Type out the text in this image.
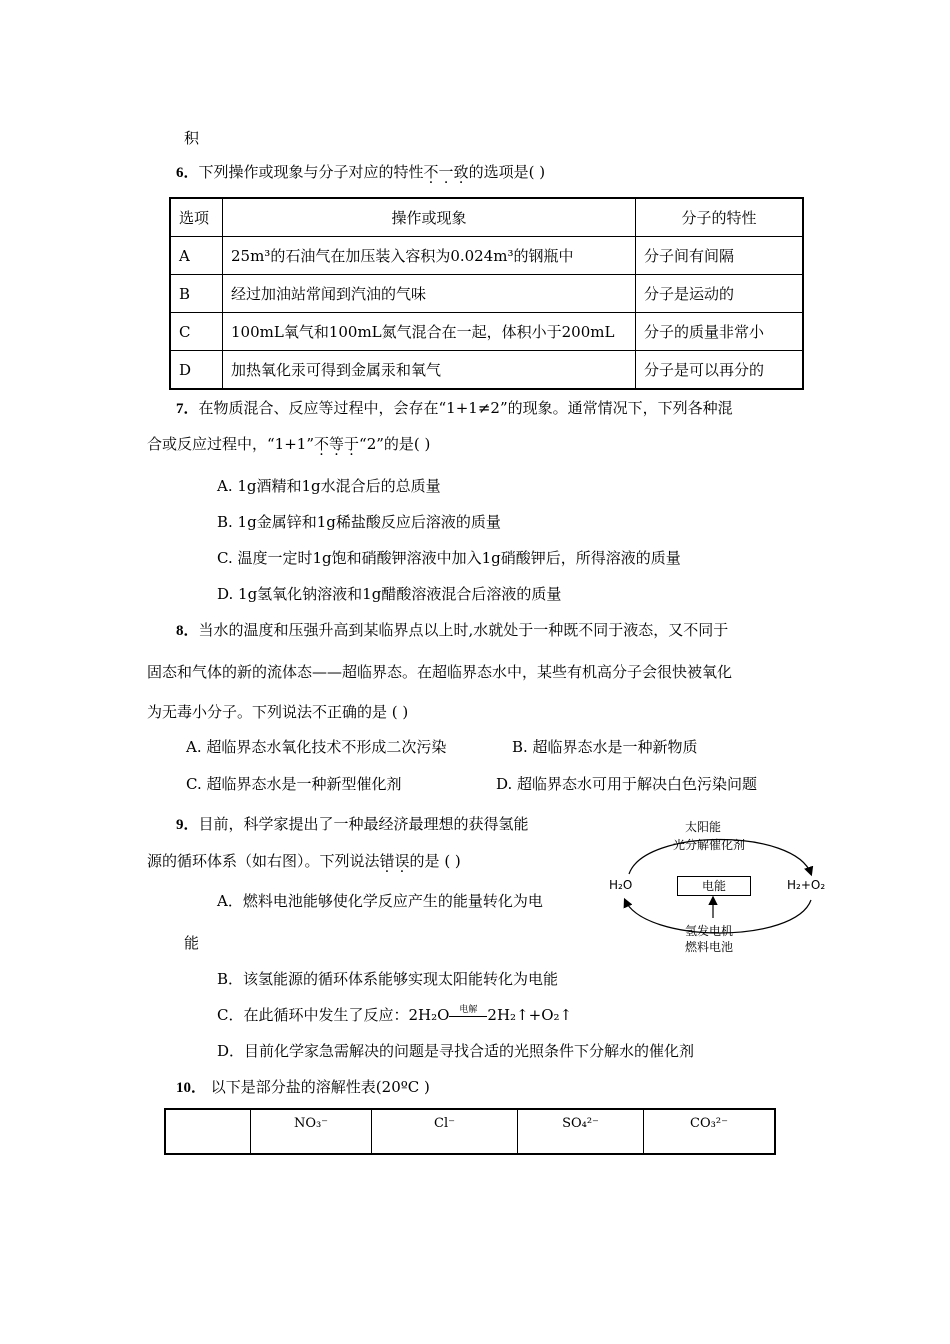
积
6．下列操作或现象与分子对应的特性不一致的选项是( )
选项	操作或现象	分子的特性
A	25m³的石油气在加压装入容积为0.024m³的钢瓶中	分子间有间隔
B	经过加油站常闻到汽油的气味	分子是运动的
C	100mL氧气和100mL氮气混合在一起，体积小于200mL	分子的质量非常小
D	加热氧化汞可得到金属汞和氧气	分子是可以再分的
7．在物质混合、反应等过程中，会存在“1+1≠2”的现象。通常情况下，下列各种混
合或反应过程中，“1+1”不等于“2”的是( )
A. 1g酒精和1g水混合后的总质量
B. 1g金属锌和1g稀盐酸反应后溶液的质量
C. 温度一定时1g饱和硝酸钾溶液中加入1g硝酸钾后，所得溶液的质量
D. 1g氢氧化钠溶液和1g醋酸溶液混合后溶液的质量
8．当水的温度和压强升高到某临界点以上时,水就处于一种既不同于液态，又不同于
固态和气体的新的流体态——超临界态。在超临界态水中，某些有机高分子会很快被氧化
为无毒小分子。下列说法不正确的是 ( )
A. 超临界态水氧化技术不形成二次污染	B. 超临界态水是一种新物质
C. 超临界态水是一种新型催化剂	D. 超临界态水可用于解决白色污染问题
9．目前，科学家提出了一种最经济最理想的获得氢能
源的循环体系（如右图）。下列说法错误的是 ( )
太阳能
光分解催化剂
H₂O	H₂+O₂
电能
氢发电机
燃料电池
A．燃料电池能够使化学反应产生的能量转化为电
能
B．该氢能源的循环体系能够实现太阳能转化为电能
C．在此循环中发生了反应：2H₂O 电解 2H₂↑+O₂↑
D．目前化学家急需解决的问题是寻找合适的光照条件下分解水的催化剂
10． 以下是部分盐的溶解性表(20ºC )
	NO₃⁻	Cl⁻	SO₄²⁻	CO₃²⁻
